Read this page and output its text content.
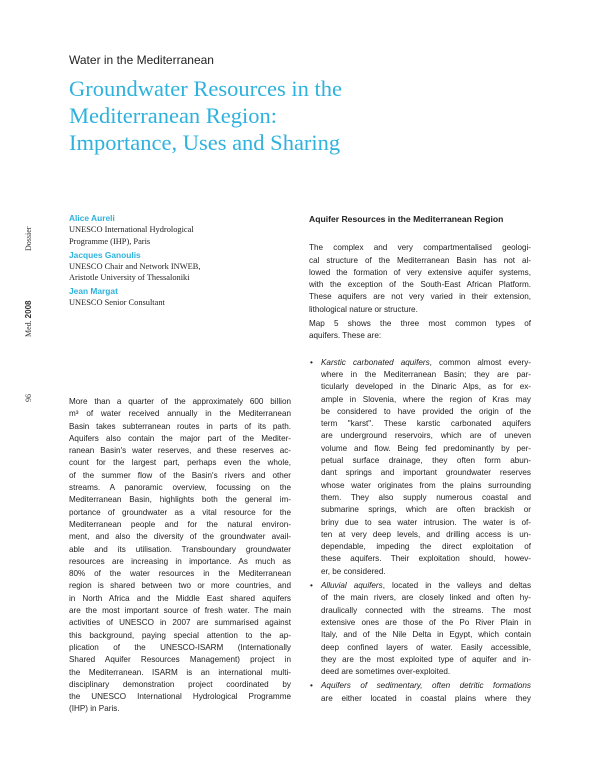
Water in the Mediterranean
Groundwater Resources in the
Mediterranean Region:
Importance, Uses and Sharing
Dossier
Med. 2008
96
Alice Aureli
UNESCO International Hydrological
Programme (IHP), Paris
Jacques Ganoulis
UNESCO Chair and Network INWEB,
Aristotle University of Thessaloniki
Jean Margat
UNESCO Senior Consultant

More than a quarter of the approximately 600 billion
m³ of water received annually in the Mediterranean
Basin takes subterranean routes in parts of its path.
Aquifers also contain the major part of the Mediter-
ranean Basin's water reserves, and these reserves ac-
count for the largest part, perhaps even the whole,
of the summer flow of the Basin's rivers and other
streams. A panoramic overview, focussing on the
Mediterranean Basin, highlights both the general im-
portance of groundwater as a vital resource for the
Mediterranean people and for the natural environ-
ment, and also the diversity of the groundwater avail-
able and its utilisation. Transboundary groundwater
resources are increasing in importance. As much as
80% of the water resources in the Mediterranean
region is shared between two or more countries, and
in North Africa and the Middle East shared aquifers
are the most important source of fresh water. The main
activities of UNESCO in 2007 are summarised against
this background, paying special attention to the ap-
plication of the UNESCO-ISARM (Internationally
Shared Aquifer Resources Management) project in
the Mediterranean. ISARM is an international multi-
disciplinary demonstration project coordinated by
the UNESCO International Hydrological Programme
(IHP) in Paris.

Aquifer Resources in the Mediterranean Region

The complex and very compartmentalised geologi-
cal structure of the Mediterranean Basin has not al-
lowed the formation of very extensive aquifer systems,
with the exception of the South-East African Platform.
These aquifers are not very varied in their extension,
lithological nature or structure.

Map 5 shows the three most common types of
aquifers. These are:

• Karstic carbonated aquifers, common almost every-
where in the Mediterranean Basin; they are par-
ticularly developed in the Dinaric Alps, as for ex-
ample in Slovenia, where the region of Kras may
be considered to have provided the origin of the
term "karst". These karstic carbonated aquifers
are underground reservoirs, which are of uneven
volume and flow. Being fed predominantly by per-
petual surface drainage, they often form abun-
dant springs and important groundwater reserves
whose water originates from the plains surrounding
them. They also supply numerous coastal and
submarine springs, which are often brackish or
briny due to sea water intrusion. The water is of-
ten at very deep levels, and drilling access is un-
dependable, impeding the direct exploitation of
these aquifers. Their exploitation should, howev-
er, be considered.
• Alluvial aquifers, located in the valleys and deltas
of the main rivers, are closely linked and often hy-
draulically connected with the streams. The most
extensive ones are those of the Po River Plain in
Italy, and of the Nile Delta in Egypt, which contain
deep confined layers of water. Easily accessible,
they are the most exploited type of aquifer and in-
deed are sometimes over-exploited.
• Aquifers of sedimentary, often detritic formations
are either located in coastal plains where they
